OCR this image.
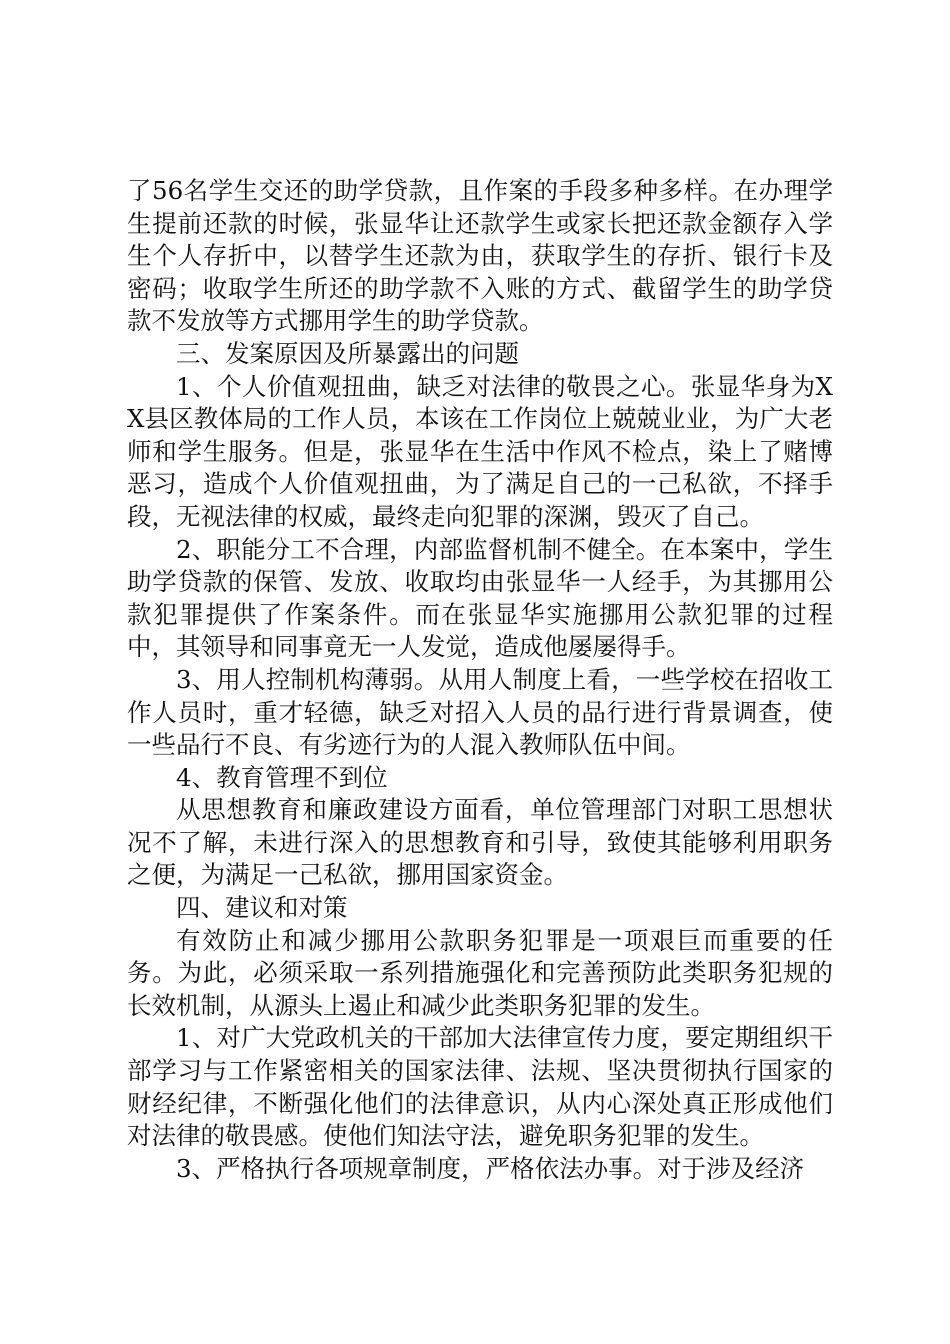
了56名学生交还的助学贷款，且作案的手段多种多样。在办理学生提前还款的时候，张显华让还款学生或家长把还款金额存入学生个人存折中，以替学生还款为由，获取学生的存折、银行卡及密码；收取学生所还的助学款不入账的方式、截留学生的助学贷款不发放等方式挪用学生的助学贷款。

三、发案原因及所暴露出的问题

1、个人价值观扭曲，缺乏对法律的敬畏之心。张显华身为XX县区教体局的工作人员，本该在工作岗位上兢兢业业，为广大老师和学生服务。但是，张显华在生活中作风不检点，染上了赌博恶习，造成个人价值观扭曲，为了满足自己的一己私欲，不择手段，无视法律的权威，最终走向犯罪的深渊，毁灭了自己。

2、职能分工不合理，内部监督机制不健全。在本案中，学生助学贷款的保管、发放、收取均由张显华一人经手，为其挪用公款犯罪提供了作案条件。而在张显华实施挪用公款犯罪的过程中，其领导和同事竟无一人发觉，造成他屡屡得手。

3、用人控制机构薄弱。从用人制度上看，一些学校在招收工作人员时，重才轻德，缺乏对招入人员的品行进行背景调查，使一些品行不良、有劣迹行为的人混入教师队伍中间。

4、教育管理不到位

从思想教育和廉政建设方面看，单位管理部门对职工思想状况不了解，未进行深入的思想教育和引导，致使其能够利用职务之便，为满足一己私欲，挪用国家资金。

四、建议和对策

有效防止和减少挪用公款职务犯罪是一项艰巨而重要的任务。为此，必须采取一系列措施强化和完善预防此类职务犯规的长效机制，从源头上遏止和减少此类职务犯罪的发生。

1、对广大党政机关的干部加大法律宣传力度，要定期组织干部学习与工作紧密相关的国家法律、法规、坚决贯彻执行国家的财经纪律，不断强化他们的法律意识，从内心深处真正形成他们对法律的敬畏感。使他们知法守法，避免职务犯罪的发生。

3、严格执行各项规章制度，严格依法办事。对于涉及经济
